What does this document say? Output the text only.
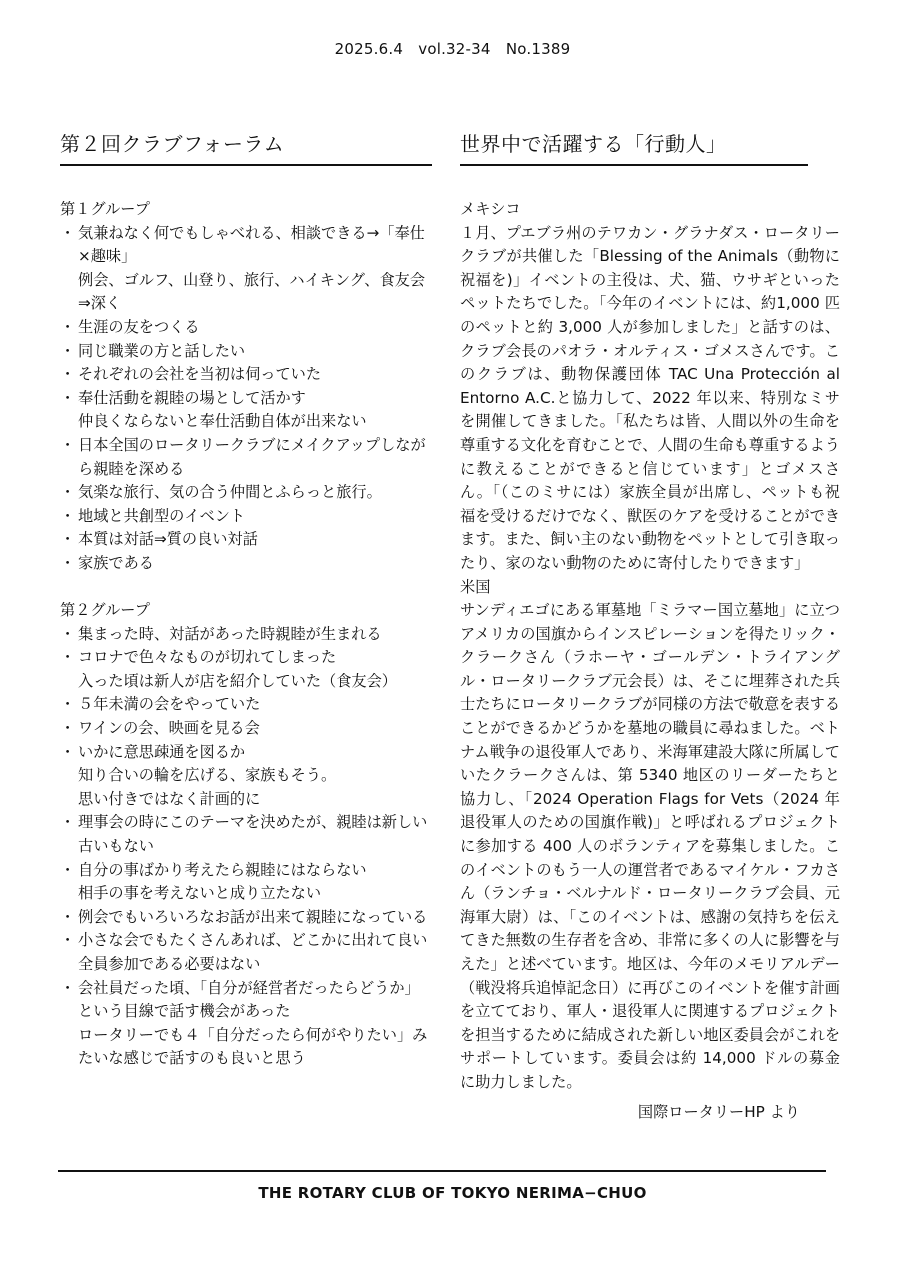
2025.6.4　vol.32-34　No.1389
第２回クラブフォーラム

第１グループ

・ 気兼ねなく何でもしゃべれる、相談できる→「奉仕×趣味」
例会、ゴルフ、山登り、旅行、ハイキング、食友会⇒深く
・ 生涯の友をつくる
・ 同じ職業の方と話したい
・ それぞれの会社を当初は伺っていた
・ 奉仕活動を親睦の場として活かす
仲良くならないと奉仕活動自体が出来ない
・ 日本全国のロータリークラブにメイクアップしながら親睦を深める
・ 気楽な旅行、気の合う仲間とふらっと旅行。
・ 地域と共創型のイベント
・ 本質は対話⇒質の良い対話
・ 家族である

第２グループ

・ 集まった時、対話があった時親睦が生まれる
・ コロナで色々なものが切れてしまった
入った頃は新人が店を紹介していた（食友会）
・ ５年未満の会をやっていた
・ ワインの会、映画を見る会
・ いかに意思疎通を図るか
知り合いの輪を広げる、家族もそう。
思い付きではなく計画的に
・ 理事会の時にこのテーマを決めたが、親睦は新しい古いもない
・ 自分の事ばかり考えたら親睦にはならない
相手の事を考えないと成り立たない
・ 例会でもいろいろなお話が出来て親睦になっている
・ 小さな会でもたくさんあれば、どこかに出れて良い
全員参加である必要はない
・ 会社員だった頃、「自分が経営者だったらどうか」という目線で話す機会があった
ロータリーでも４「自分だったら何がやりたい」みたいな感じで話すのも良いと思う
世界中で活躍する「行動人」

メキシコ

１月、プエブラ州のテワカン・グラナダス・ロータリークラブが共催した「Blessing of the Animals（動物に祝福を)」イベントの主役は、犬、猫、ウサギといったペットたちでした。「今年のイベントには、約1,000 匹のペットと約 3,000 人が参加しました」と話すのは、クラブ会長のパオラ・オルティス・ゴメスさんです。このクラブは、動物保護団体 TAC Una Protecciόn al Entorno A.C.と協力して、2022 年以来、特別なミサを開催してきました。「私たちは皆、人間以外の生命を尊重する文化を育むことで、人間の生命も尊重するように教えることができると信じています」とゴメスさん。「（このミサには）家族全員が出席し、ペットも祝福を受けるだけでなく、獣医のケアを受けることができます。また、飼い主のない動物をペットとして引き取ったり、家のない動物のために寄付したりできます」

米国

サンディエゴにある軍墓地「ミラマー国立墓地」に立つアメリカの国旗からインスピレーションを得たリック・クラークさん（ラホーヤ・ゴールデン・トライアングル・ロータリークラブ元会長）は、そこに埋葬された兵士たちにロータリークラブが同様の方法で敬意を表することができるかどうかを墓地の職員に尋ねました。ベトナム戦争の退役軍人であり、米海軍建設大隊に所属していたクラークさんは、第 5340 地区のリーダーたちと協力し、「2024 Operation Flags for Vets（2024 年退役軍人のための国旗作戦)」と呼ばれるプロジェクトに参加する 400 人のボランティアを募集しました。このイベントのもう一人の運営者であるマイケル・フカさん（ランチョ・ベルナルド・ロータリークラブ会員、元海軍大尉）は、「このイベントは、感謝の気持ちを伝えてきた無数の生存者を含め、非常に多くの人に影響を与えた」と述べています。地区は、今年のメモリアルデー（戦没将兵追悼記念日）に再びこのイベントを催す計画を立てており、軍人・退役軍人に関連するプロジェクトを担当するために結成された新しい地区委員会がこれをサポートしています。委員会は約 14,000 ドルの募金に助力しました。

国際ロータリーHP より
THE ROTARY CLUB OF TOKYO NERIMA−CHUO
